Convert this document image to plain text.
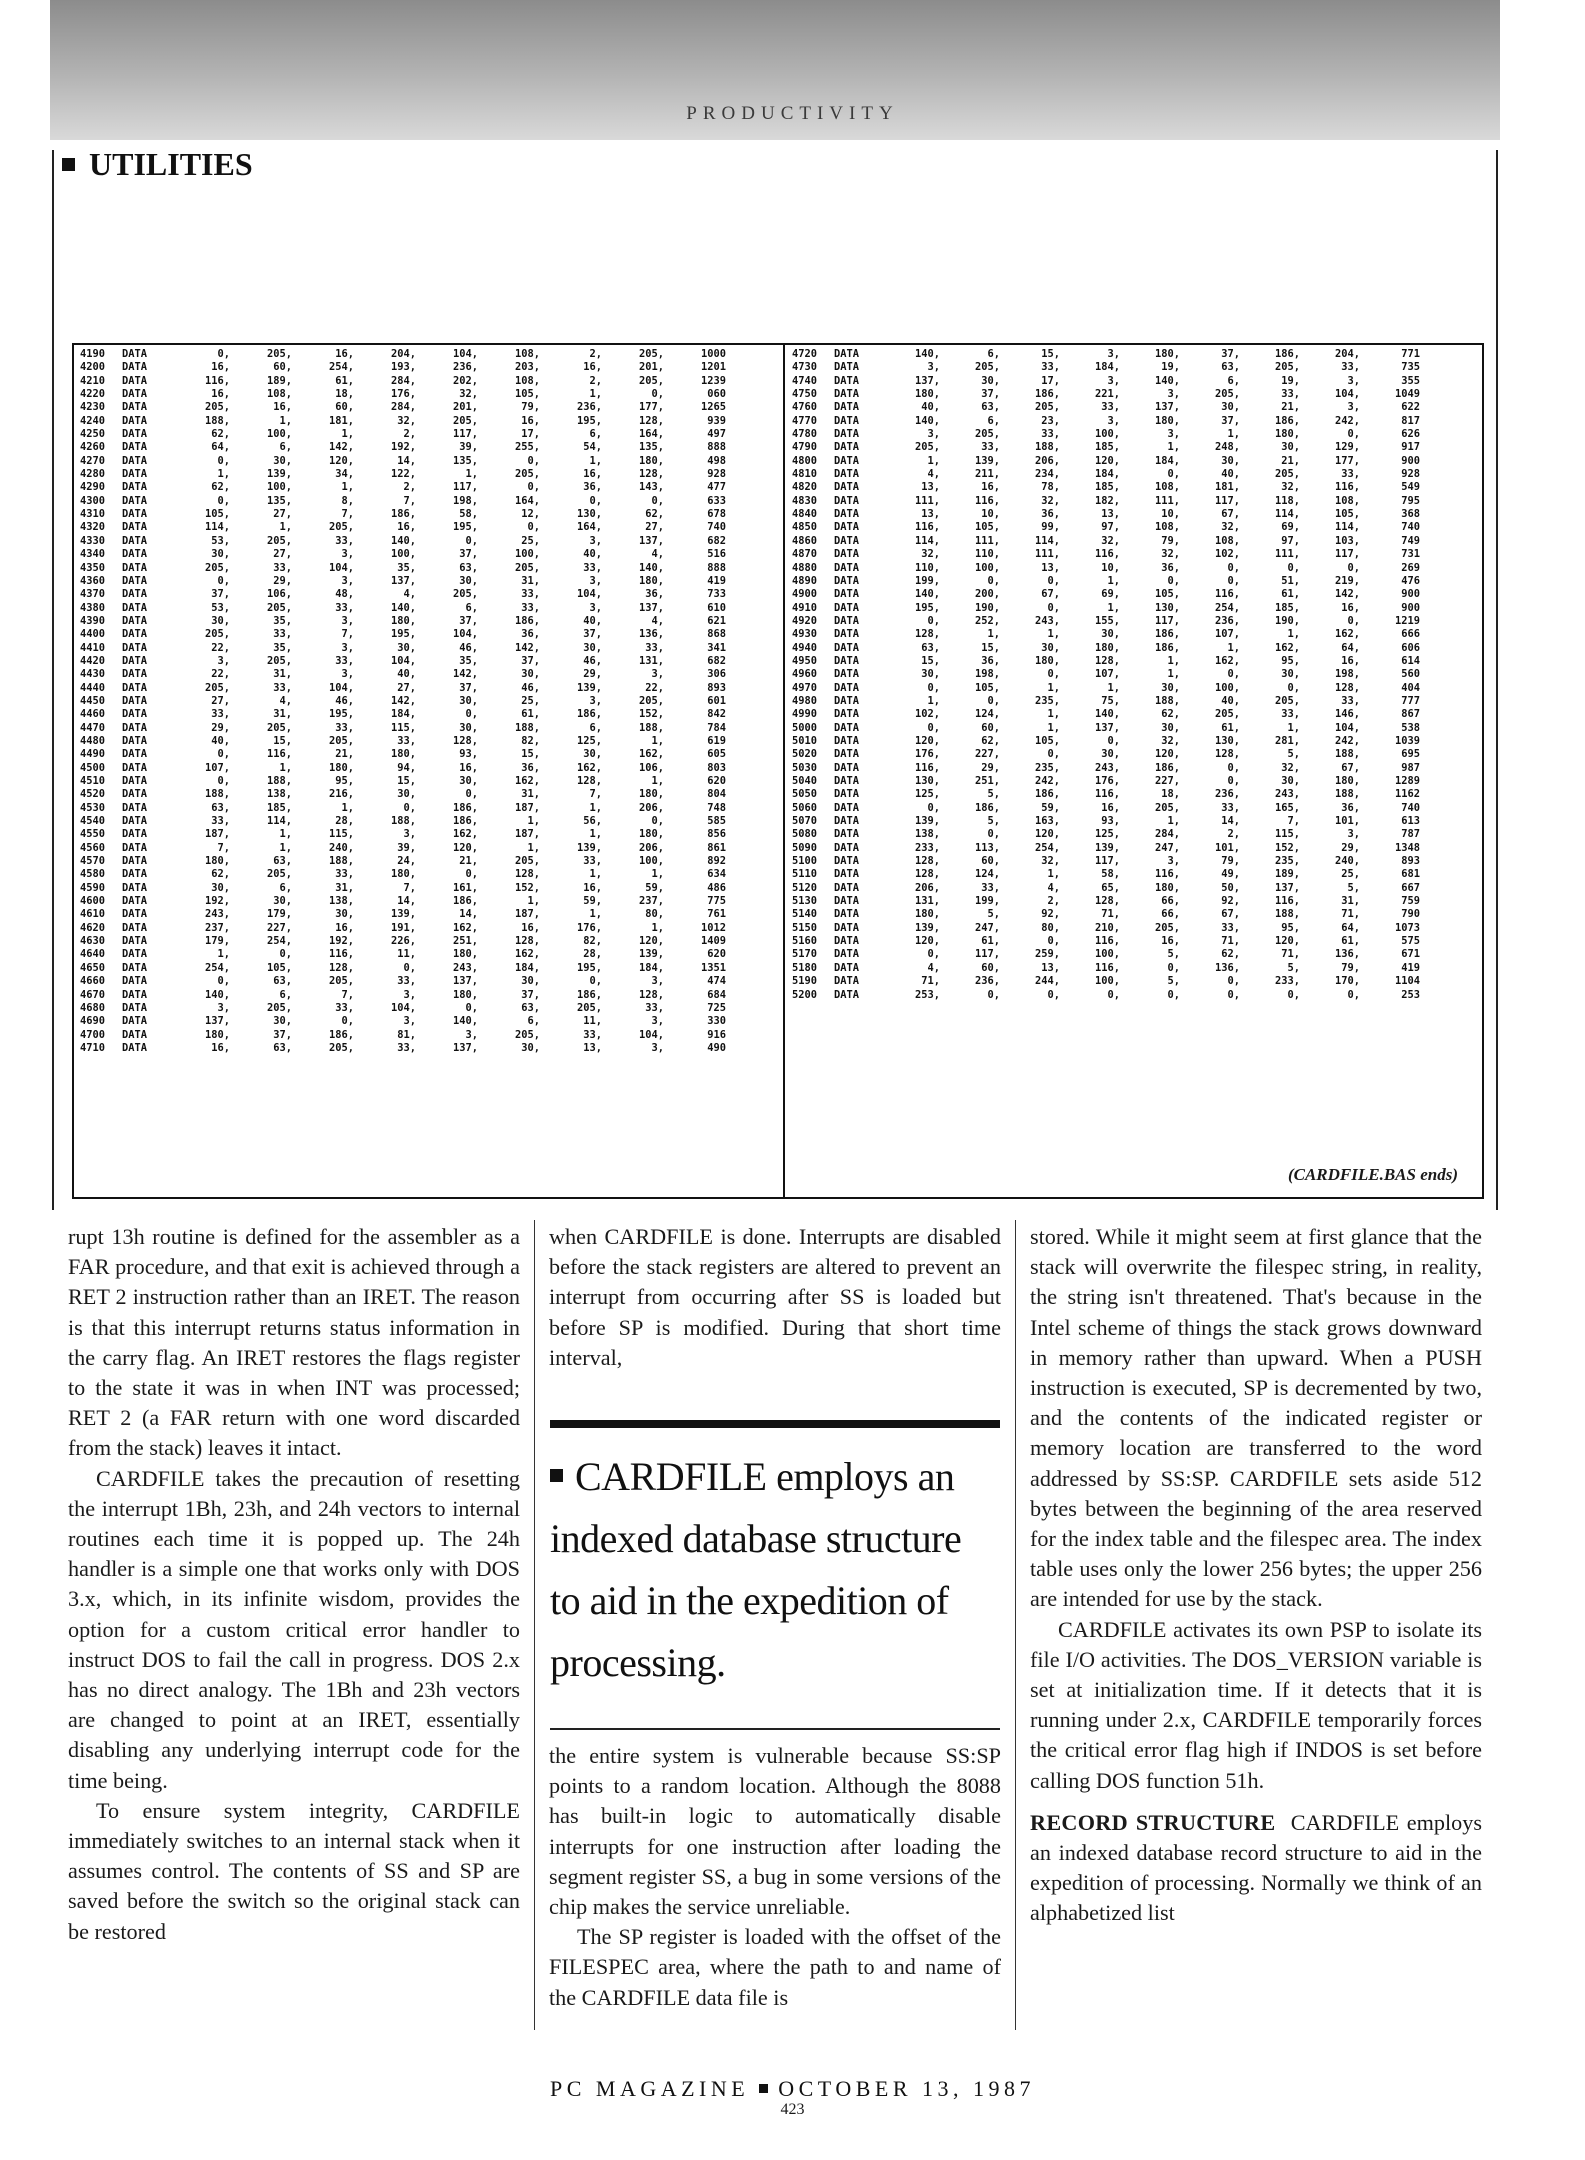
PRODUCTIVITY
UTILITIES
4190	DATA	0,	205,	16,	204,	104,	108,	2,	205,	1000
4200	DATA	16,	60,	254,	193,	236,	203,	16,	201,	1201
4210	DATA	116,	189,	61,	284,	202,	108,	2,	205,	1239
4220	DATA	16,	108,	18,	176,	32,	105,	1,	0,	060
4230	DATA	205,	16,	60,	284,	201,	79,	236,	177,	1265
4240	DATA	188,	1,	181,	32,	205,	16,	195,	128,	939
4250	DATA	62,	100,	1,	2,	117,	17,	6,	164,	497
4260	DATA	64,	6,	142,	192,	39,	255,	54,	135,	888
4270	DATA	0,	30,	120,	14,	135,	0,	1,	180,	498
4280	DATA	1,	139,	34,	122,	1,	205,	16,	128,	928
4290	DATA	62,	100,	1,	2,	117,	0,	36,	143,	477
4300	DATA	0,	135,	8,	7,	198,	164,	0,	0,	633
4310	DATA	105,	27,	7,	186,	58,	12,	130,	62,	678
4320	DATA	114,	1,	205,	16,	195,	0,	164,	27,	740
4330	DATA	53,	205,	33,	140,	0,	25,	3,	137,	682
4340	DATA	30,	27,	3,	100,	37,	100,	40,	4,	516
4350	DATA	205,	33,	104,	35,	63,	205,	33,	140,	888
4360	DATA	0,	29,	3,	137,	30,	31,	3,	180,	419
4370	DATA	37,	106,	48,	4,	205,	33,	104,	36,	733
4380	DATA	53,	205,	33,	140,	6,	33,	3,	137,	610
4390	DATA	30,	35,	3,	180,	37,	186,	40,	4,	621
4400	DATA	205,	33,	7,	195,	104,	36,	37,	136,	868
4410	DATA	22,	35,	3,	30,	46,	142,	30,	33,	341
4420	DATA	3,	205,	33,	104,	35,	37,	46,	131,	682
4430	DATA	22,	31,	3,	40,	142,	30,	29,	3,	306
4440	DATA	205,	33,	104,	27,	37,	46,	139,	22,	893
4450	DATA	27,	4,	46,	142,	30,	25,	3,	205,	601
4460	DATA	33,	31,	195,	184,	0,	61,	186,	152,	842
4470	DATA	29,	205,	33,	115,	30,	188,	6,	188,	784
4480	DATA	40,	15,	205,	33,	128,	82,	125,	1,	619
4490	DATA	0,	116,	21,	180,	93,	15,	30,	162,	605
4500	DATA	107,	1,	180,	94,	16,	36,	162,	106,	803
4510	DATA	0,	188,	95,	15,	30,	162,	128,	1,	620
4520	DATA	188,	138,	216,	30,	0,	31,	7,	180,	804
4530	DATA	63,	185,	1,	0,	186,	187,	1,	206,	748
4540	DATA	33,	114,	28,	188,	186,	1,	56,	0,	585
4550	DATA	187,	1,	115,	3,	162,	187,	1,	180,	856
4560	DATA	7,	1,	240,	39,	120,	1,	139,	206,	861
4570	DATA	180,	63,	188,	24,	21,	205,	33,	100,	892
4580	DATA	62,	205,	33,	180,	0,	128,	1,	1,	634
4590	DATA	30,	6,	31,	7,	161,	152,	16,	59,	486
4600	DATA	192,	30,	138,	14,	186,	1,	59,	237,	775
4610	DATA	243,	179,	30,	139,	14,	187,	1,	80,	761
4620	DATA	237,	227,	16,	191,	162,	16,	176,	1,	1012
4630	DATA	179,	254,	192,	226,	251,	128,	82,	120,	1409
4640	DATA	1,	0,	116,	11,	180,	162,	28,	139,	620
4650	DATA	254,	105,	128,	0,	243,	184,	195,	184,	1351
4660	DATA	0,	63,	205,	33,	137,	30,	0,	3,	474
4670	DATA	140,	6,	7,	3,	180,	37,	186,	128,	684
4680	DATA	3,	205,	33,	104,	0,	63,	205,	33,	725
4690	DATA	137,	30,	0,	3,	140,	6,	11,	3,	330
4700	DATA	180,	37,	186,	81,	3,	205,	33,	104,	916
4710	DATA	16,	63,	205,	33,	137,	30,	13,	3,	490
4720	DATA	140,	6,	15,	3,	180,	37,	186,	204,	771
4730	DATA	3,	205,	33,	184,	19,	63,	205,	33,	735
4740	DATA	137,	30,	17,	3,	140,	6,	19,	3,	355
4750	DATA	180,	37,	186,	221,	3,	205,	33,	104,	1049
4760	DATA	40,	63,	205,	33,	137,	30,	21,	3,	622
4770	DATA	140,	6,	23,	3,	180,	37,	186,	242,	817
4780	DATA	3,	205,	33,	100,	3,	1,	180,	0,	626
4790	DATA	205,	33,	188,	185,	1,	248,	30,	129,	917
4800	DATA	1,	139,	206,	120,	184,	30,	21,	177,	900
4810	DATA	4,	211,	234,	184,	0,	40,	205,	33,	928
4820	DATA	13,	16,	78,	185,	108,	181,	32,	116,	549
4830	DATA	111,	116,	32,	182,	111,	117,	118,	108,	795
4840	DATA	13,	10,	36,	13,	10,	67,	114,	105,	368
4850	DATA	116,	105,	99,	97,	108,	32,	69,	114,	740
4860	DATA	114,	111,	114,	32,	79,	108,	97,	103,	749
4870	DATA	32,	110,	111,	116,	32,	102,	111,	117,	731
4880	DATA	110,	100,	13,	10,	36,	0,	0,	0,	269
4890	DATA	199,	0,	0,	1,	0,	0,	51,	219,	476
4900	DATA	140,	200,	67,	69,	105,	116,	61,	142,	900
4910	DATA	195,	190,	0,	1,	130,	254,	185,	16,	900
4920	DATA	0,	252,	243,	155,	117,	236,	190,	0,	1219
4930	DATA	128,	1,	1,	30,	186,	107,	1,	162,	666
4940	DATA	63,	15,	30,	180,	186,	1,	162,	64,	606
4950	DATA	15,	36,	180,	128,	1,	162,	95,	16,	614
4960	DATA	30,	198,	0,	107,	1,	0,	30,	198,	560
4970	DATA	0,	105,	1,	1,	30,	100,	0,	128,	404
4980	DATA	1,	0,	235,	75,	188,	40,	205,	33,	777
4990	DATA	102,	124,	1,	140,	62,	205,	33,	146,	867
5000	DATA	0,	60,	1,	137,	30,	61,	1,	104,	538
5010	DATA	120,	62,	105,	0,	32,	130,	281,	242,	1039
5020	DATA	176,	227,	0,	30,	120,	128,	5,	188,	695
5030	DATA	116,	29,	235,	243,	186,	0,	32,	67,	987
5040	DATA	130,	251,	242,	176,	227,	0,	30,	180,	1289
5050	DATA	125,	5,	186,	116,	18,	236,	243,	188,	1162
5060	DATA	0,	186,	59,	16,	205,	33,	165,	36,	740
5070	DATA	139,	5,	163,	93,	1,	14,	7,	101,	613
5080	DATA	138,	0,	120,	125,	284,	2,	115,	3,	787
5090	DATA	233,	113,	254,	139,	247,	101,	152,	29,	1348
5100	DATA	128,	60,	32,	117,	3,	79,	235,	240,	893
5110	DATA	128,	124,	1,	58,	116,	49,	189,	25,	681
5120	DATA	206,	33,	4,	65,	180,	50,	137,	5,	667
5130	DATA	131,	199,	2,	128,	66,	92,	116,	31,	759
5140	DATA	180,	5,	92,	71,	66,	67,	188,	71,	790
5150	DATA	139,	247,	80,	210,	205,	33,	95,	64,	1073
5160	DATA	120,	61,	0,	116,	16,	71,	120,	61,	575
5170	DATA	0,	117,	259,	100,	5,	62,	71,	136,	671
5180	DATA	4,	60,	13,	116,	0,	136,	5,	79,	419
5190	DATA	71,	236,	244,	100,	5,	0,	233,	170,	1104
5200	DATA	253,	0,	0,	0,	0,	0,	0,	0,	253
(CARDFILE.BAS ends)

rupt 13h routine is defined for the assembler as a FAR procedure, and that exit is achieved through a RET 2 instruction rather than an IRET. The reason is that this interrupt returns status information in the carry flag. An IRET restores the flags register to the state it was in when INT was processed; RET 2 (a FAR return with one word discarded from the stack) leaves it intact.

CARDFILE takes the precaution of resetting the interrupt 1Bh, 23h, and 24h vectors to internal routines each time it is popped up. The 24h handler is a simple one that works only with DOS 3.x, which, in its infinite wisdom, provides the option for a custom critical error handler to instruct DOS to fail the call in progress. DOS 2.x has no direct analogy. The 1Bh and 23h vectors are changed to point at an IRET, essentially disabling any underlying interrupt code for the time being.

To ensure system integrity, CARDFILE immediately switches to an internal stack when it assumes control. The contents of SS and SP are saved before the switch so the original stack can be restored

when CARDFILE is done. Interrupts are disabled before the stack registers are altered to prevent an interrupt from occurring after SS is loaded but before SP is modified. During that short time interval,

CARDFILE employs an indexed database structure to aid in the expedition of processing.

the entire system is vulnerable because SS:SP points to a random location. Although the 8088 has built-in logic to automatically disable interrupts for one instruction after loading the segment register SS, a bug in some versions of the chip makes the service unreliable.

The SP register is loaded with the offset of the FILESPEC area, where the path to and name of the CARDFILE data file is

stored. While it might seem at first glance that the stack will overwrite the filespec string, in reality, the string isn't threatened. That's because in the Intel scheme of things the stack grows downward in memory rather than upward. When a PUSH instruction is executed, SP is decremented by two, and the contents of the indicated register or memory location are transferred to the word addressed by SS:SP. CARDFILE sets aside 512 bytes between the beginning of the area reserved for the index table and the filespec area. The index table uses only the lower 256 bytes; the upper 256 are intended for use by the stack.

CARDFILE activates its own PSP to isolate its file I/O activities. The DOS_VERSION variable is set at initialization time. If it detects that it is running under 2.x, CARDFILE temporarily forces the critical error flag high if INDOS is set before calling DOS function 51h.

RECORD STRUCTURE CARDFILE employs an indexed database record structure to aid in the expedition of processing. Normally we think of an alphabetized list

PC MAGAZINE OCTOBER 13, 1987
423
